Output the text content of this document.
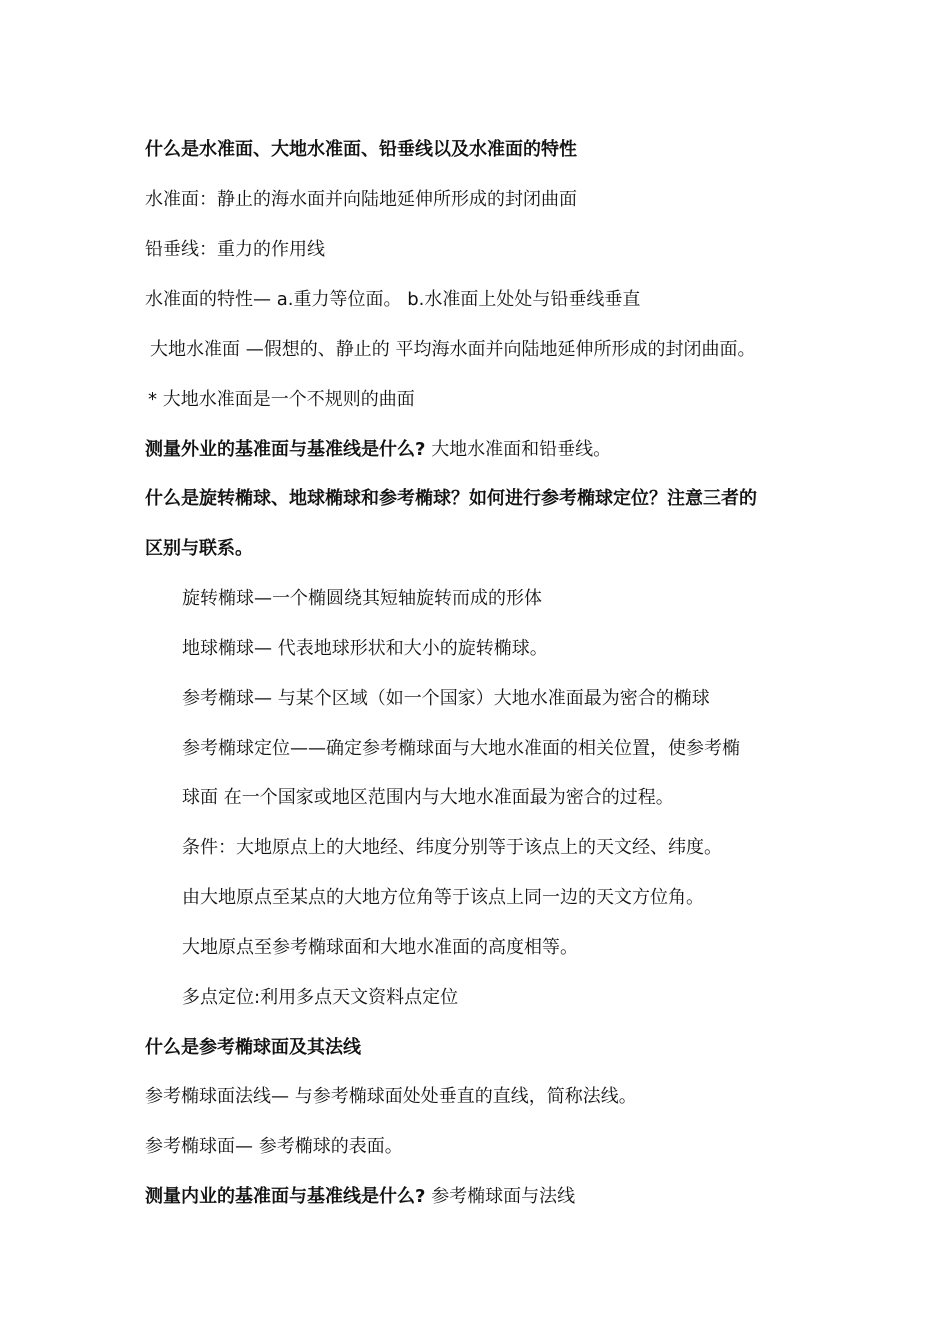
什么是水准面、大地水准面、铅垂线以及水准面的特性
水准面：静止的海水面并向陆地延伸所形成的封闭曲面
铅垂线：重力的作用线
水准面的特性— a.重力等位面。 b.水准面上处处与铅垂线垂直
大地水准面 —假想的、静止的 平均海水面并向陆地延伸所形成的封闭曲面。
* 大地水准面是一个不规则的曲面
测量外业的基准面与基准线是什么? 大地水准面和铅垂线。
什么是旋转椭球、地球椭球和参考椭球？如何进行参考椭球定位？注意三者的
区别与联系。
旋转椭球—一个椭圆绕其短轴旋转而成的形体
地球椭球— 代表地球形状和大小的旋转椭球。
参考椭球— 与某个区域（如一个国家）大地水准面最为密合的椭球
参考椭球定位——确定参考椭球面与大地水准面的相关位置，使参考椭
球面 在一个国家或地区范围内与大地水准面最为密合的过程。
条件：大地原点上的大地经、纬度分别等于该点上的天文经、纬度。
由大地原点至某点的大地方位角等于该点上同一边的天文方位角。
大地原点至参考椭球面和大地水准面的高度相等。
多点定位:利用多点天文资料点定位
什么是参考椭球面及其法线
参考椭球面法线— 与参考椭球面处处垂直的直线，简称法线。
参考椭球面— 参考椭球的表面。
测量内业的基准面与基准线是什么? 参考椭球面与法线
